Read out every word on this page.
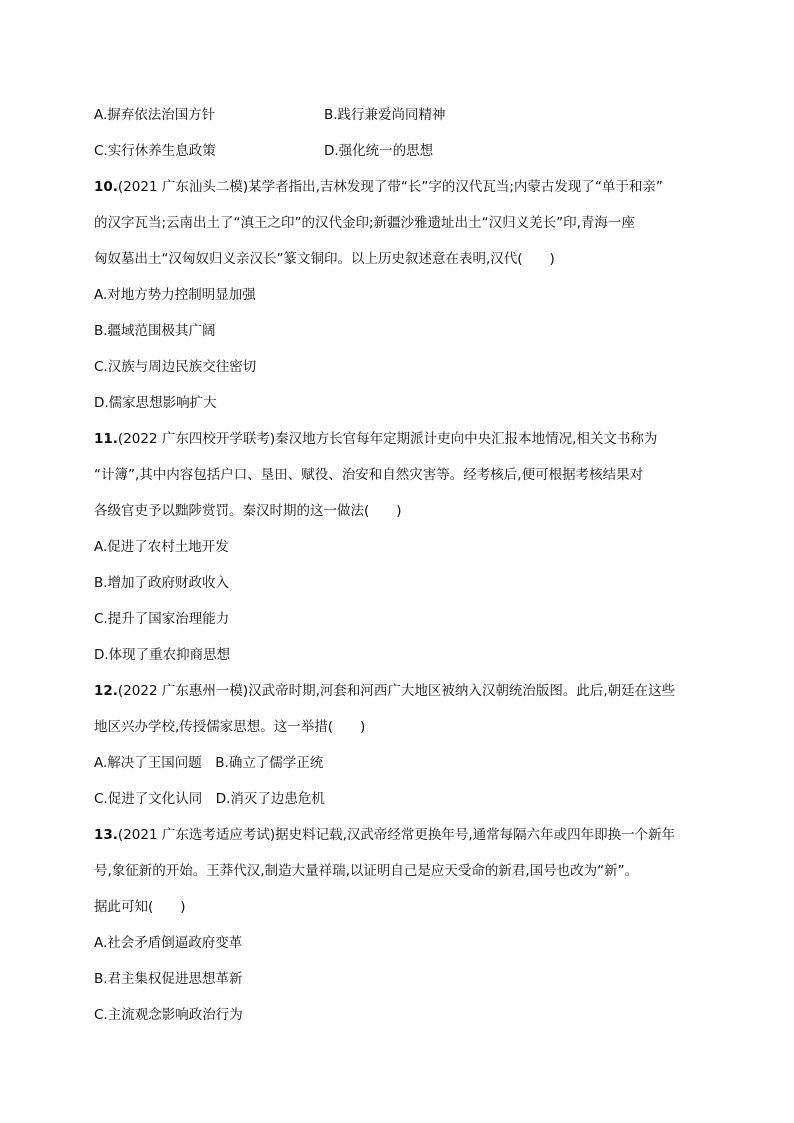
A.摒弃依法治国方针	B.践行兼爱尚同精神
C.实行休养生息政策	D.强化统一的思想
10.(2021 广东汕头二模)某学者指出,吉林发现了带“长”字的汉代瓦当;内蒙古发现了“单于和亲”
的汉字瓦当;云南出土了“滇王之印”的汉代金印;新疆沙雅遗址出土“汉归义羌长”印,青海一座
匈奴墓出土“汉匈奴归义亲汉长”篆文铜印。以上历史叙述意在表明,汉代(　　)
A.对地方势力控制明显加强
B.疆域范围极其广阔
C.汉族与周边民族交往密切
D.儒家思想影响扩大
11.(2022 广东四校开学联考)秦汉地方长官每年定期派计吏向中央汇报本地情况,相关文书称为
“计簿”,其中内容包括户口、垦田、赋役、治安和自然灾害等。经考核后,便可根据考核结果对
各级官吏予以黜陟赏罚。秦汉时期的这一做法(　　)
A.促进了农村土地开发
B.增加了政府财政收入
C.提升了国家治理能力
D.体现了重农抑商思想
12.(2022 广东惠州一模)汉武帝时期,河套和河西广大地区被纳入汉朝统治版图。此后,朝廷在这些
地区兴办学校,传授儒家思想。这一举措(　　)
A.解决了王国问题　B.确立了儒学正统
C.促进了文化认同　D.消灭了边患危机
13.(2021 广东选考适应考试)据史料记载,汉武帝经常更换年号,通常每隔六年或四年即换一个新年
号,象征新的开始。王莽代汉,制造大量祥瑞,以证明自己是应天受命的新君,国号也改为“新”。
据此可知(　　)
A.社会矛盾倒逼政府变革
B.君主集权促进思想革新
C.主流观念影响政治行为
